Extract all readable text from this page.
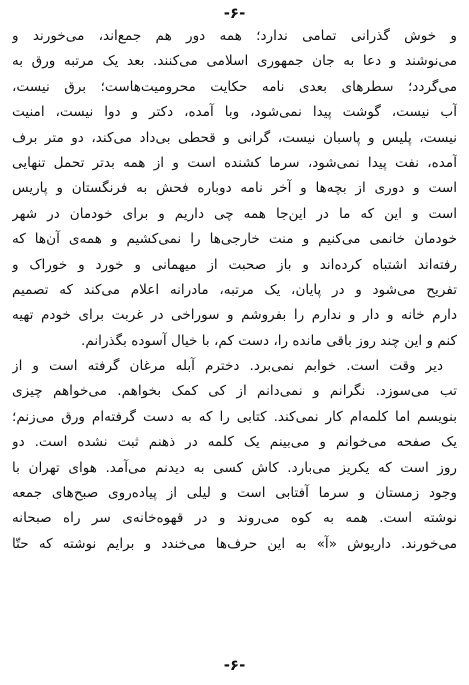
-۶-
و خوش گذرانی تمامی ندارد؛ همه دور هم جمع‌اند، می‌خورند و
می‌نوشند و دعا به جان جمهوری اسلامی می‌کنند. بعد یک مرتبه ورق به
می‌گردد؛ سطرهای بعدی نامه حکایت محرومیت‌هاست؛ برق نیست،
آب نیست، گوشت پیدا نمی‌شود، وبا آمده، دکتر و دوا نیست، امنیت
نیست، پلیس و پاسبان نیست، گرانی و قحطی بی‌داد می‌کند، دو متر برف
آمده، نفت پیدا نمی‌شود، سرما کشنده است و از همه بدتر تحمل تنهایی
است و دوری از بچه‌ها و آخر نامه دوباره فحش به فرنگستان و پاریس
است و این که ما در این‌جا همه چی داریم و برای خودمان در شهر
خودمان خانمی می‌کنیم و منت خارجی‌ها را نمی‌کشیم و همه‌ی آن‌ها که
رفته‌اند اشتباه کرده‌اند و باز صحبت از میهمانی و خورد و خوراک و
تفریح می‌شود و در پایان، یک مرتبه، مادرانه اعلام می‌کند که تصمیم
دارم خانه و دار و ندارم را بفروشم و سوراخی در غربت برای خودم تهیه
کنم و این چند روز باقی مانده را، دست کم، با خیال آسوده بگذرانم.
دیر وقت است. خوابم نمی‌برد. دخترم آبله مرغان گرفته است و از
تب می‌سوزد. نگرانم و نمی‌دانم از کی کمک بخواهم. می‌خواهم چیزی
بنویسم اما کلمه‌ام کار نمی‌کند. کتابی را که به دست گرفته‌ام ورق می‌زنم؛
یک صفحه می‌خوانم و می‌بینم یک کلمه در ذهنم ثبت نشده است. دو
روز است که یکریز می‌بارد. کاش کسی به دیدنم می‌آمد. هوای تهران با
وجود زمستان و سرما آفتابی است و لیلی از پیاده‌روی صبح‌های جمعه
نوشته است. همه به کوه می‌روند و در قهوه‌خانه‌ی سر راه صبحانه
می‌خورند. داریوش «آ» به این حرف‌ها می‌خندد و برایم نوشته که حتّا
-۶-
